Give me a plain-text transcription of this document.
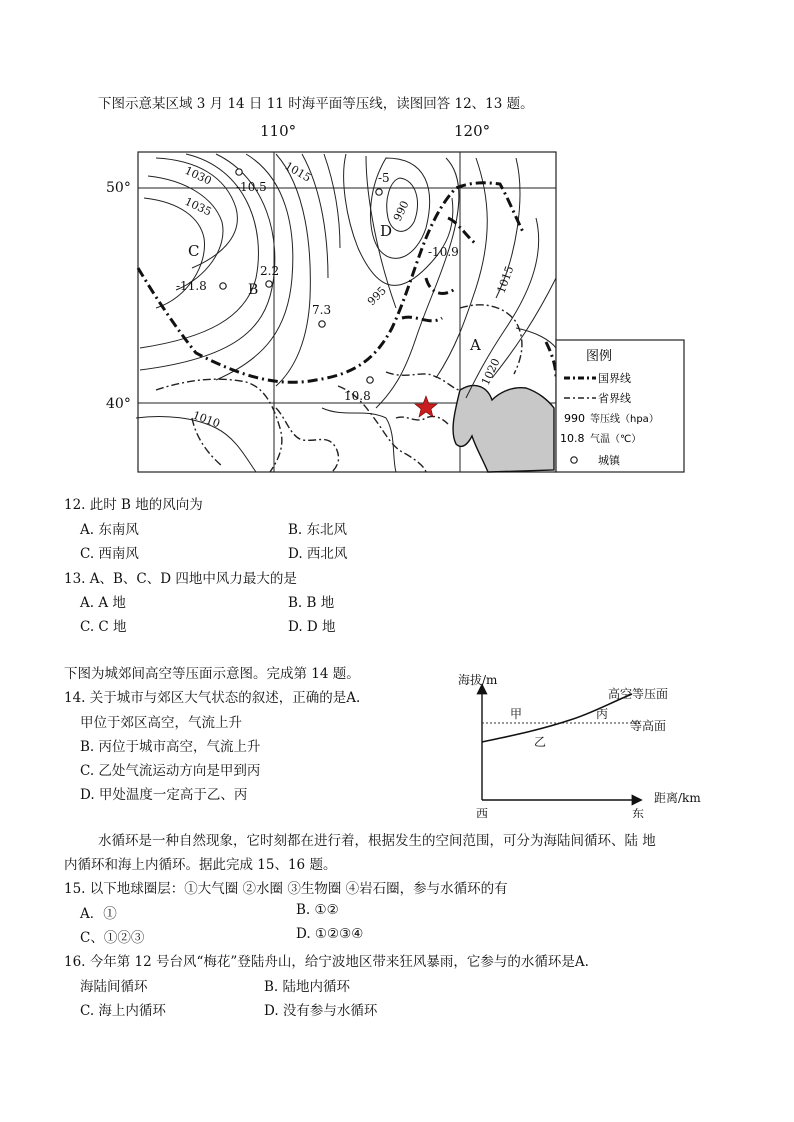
下图示意某区域 3 月 14 日 11 时海平面等压线，读图回答 12、13 题。
110°	120°
50°
40°
1030
1035
1015
990
995
1015
1020
1010
-10.5
-5
-10.9
2.2
-11.8
7.3
10.8
A
B
C
D
图例
国界线
省界线
990 等压线（hpa）
10.8 气温（℃）
城镇
12. 此时 B 地的风向为
A. 东南风	B. 东北风
C. 西南风	D. 西北风
13. A、B、C、D 四地中风力最大的是
A. A 地	B. B 地
C. C 地	D. D 地
下图为城郊间高空等压面示意图。完成第 14 题。
14. 关于城市与郊区大气状态的叙述，正确的是A.
甲位于郊区高空，气流上升
B. 丙位于城市高空，气流上升
C. 乙处气流运动方向是甲到丙
D. 甲处温度一定高于乙、丙
海拔/m
距离/km
西	东
高空等压面
等高面
甲
乙
丙
水循环是一种自然现象，它时刻都在进行着，根据发生的空间范围，可分为海陆间循环、陆 地
内循环和海上内循环。据此完成 15、16 题。
15. 以下地球圈层：①大气圈 ②水圈 ③生物圈 ④岩石圈，参与水循环的有
A．①	B. ①②
C、①②③	D. ①②③④
16. 今年第 12 号台风“梅花”登陆舟山，给宁波地区带来狂风暴雨，它参与的水循环是A.
海陆间循环	B. 陆地内循环
C. 海上内循环	D. 没有参与水循环
